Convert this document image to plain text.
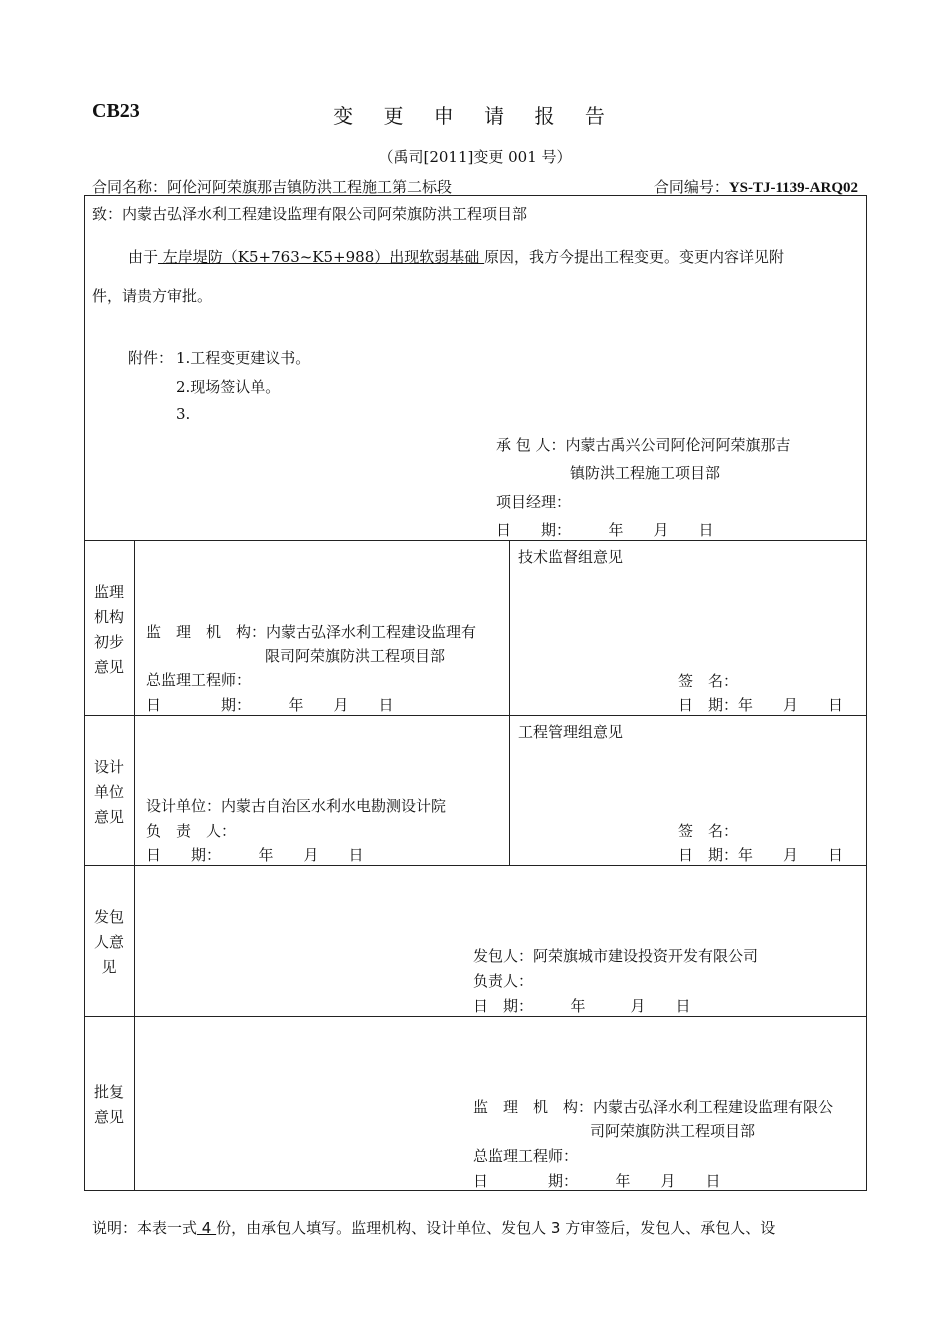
CB23	变 更 申 请 报 告
（禹司[2011]变更 001 号）
合同名称：阿伦河阿荣旗那吉镇防洪工程施工第二标段	合同编号：YS-TJ-1139-ARQ02
致：内蒙古弘泽水利工程建设监理有限公司阿荣旗防洪工程项目部
由于 左岸堤防（K5+763~K5+988）出现软弱基础 原因，我方今提出工程变更。变更内容详见附
件，请贵方审批。
附件： 1.工程变更建议书。
2.现场签认单。
3.
承 包 人：内蒙古禹兴公司阿伦河阿荣旗那吉
镇防洪工程施工项目部
项目经理：
日　　期：　　　年　　月　　日
监理机构初步意见
监　理　机　构：内蒙古弘泽水利工程建设监理有
限司阿荣旗防洪工程项目部
总监理工程师：
日　　　　期：　　　年　　月　　日
技术监督组意见
签　名：
日　期：年　　月　　日
设计单位意见
设计单位：内蒙古自治区水利水电勘测设计院
负　责　人：
日　　期：　　　年　　月　　日
工程管理组意见
签　名：
日　期：年　　月　　日
发包人意见
发包人：阿荣旗城市建设投资开发有限公司
负责人：
日　期：　　　年　　　月　　日
批复意见
监　理　机　构：内蒙古弘泽水利工程建设监理有限公
司阿荣旗防洪工程项目部
总监理工程师：
日　　　　期：　　　年　　月　　日
说明：本表一式 4 份，由承包人填写。监理机构、设计单位、发包人 3 方审签后，发包人、承包人、设
